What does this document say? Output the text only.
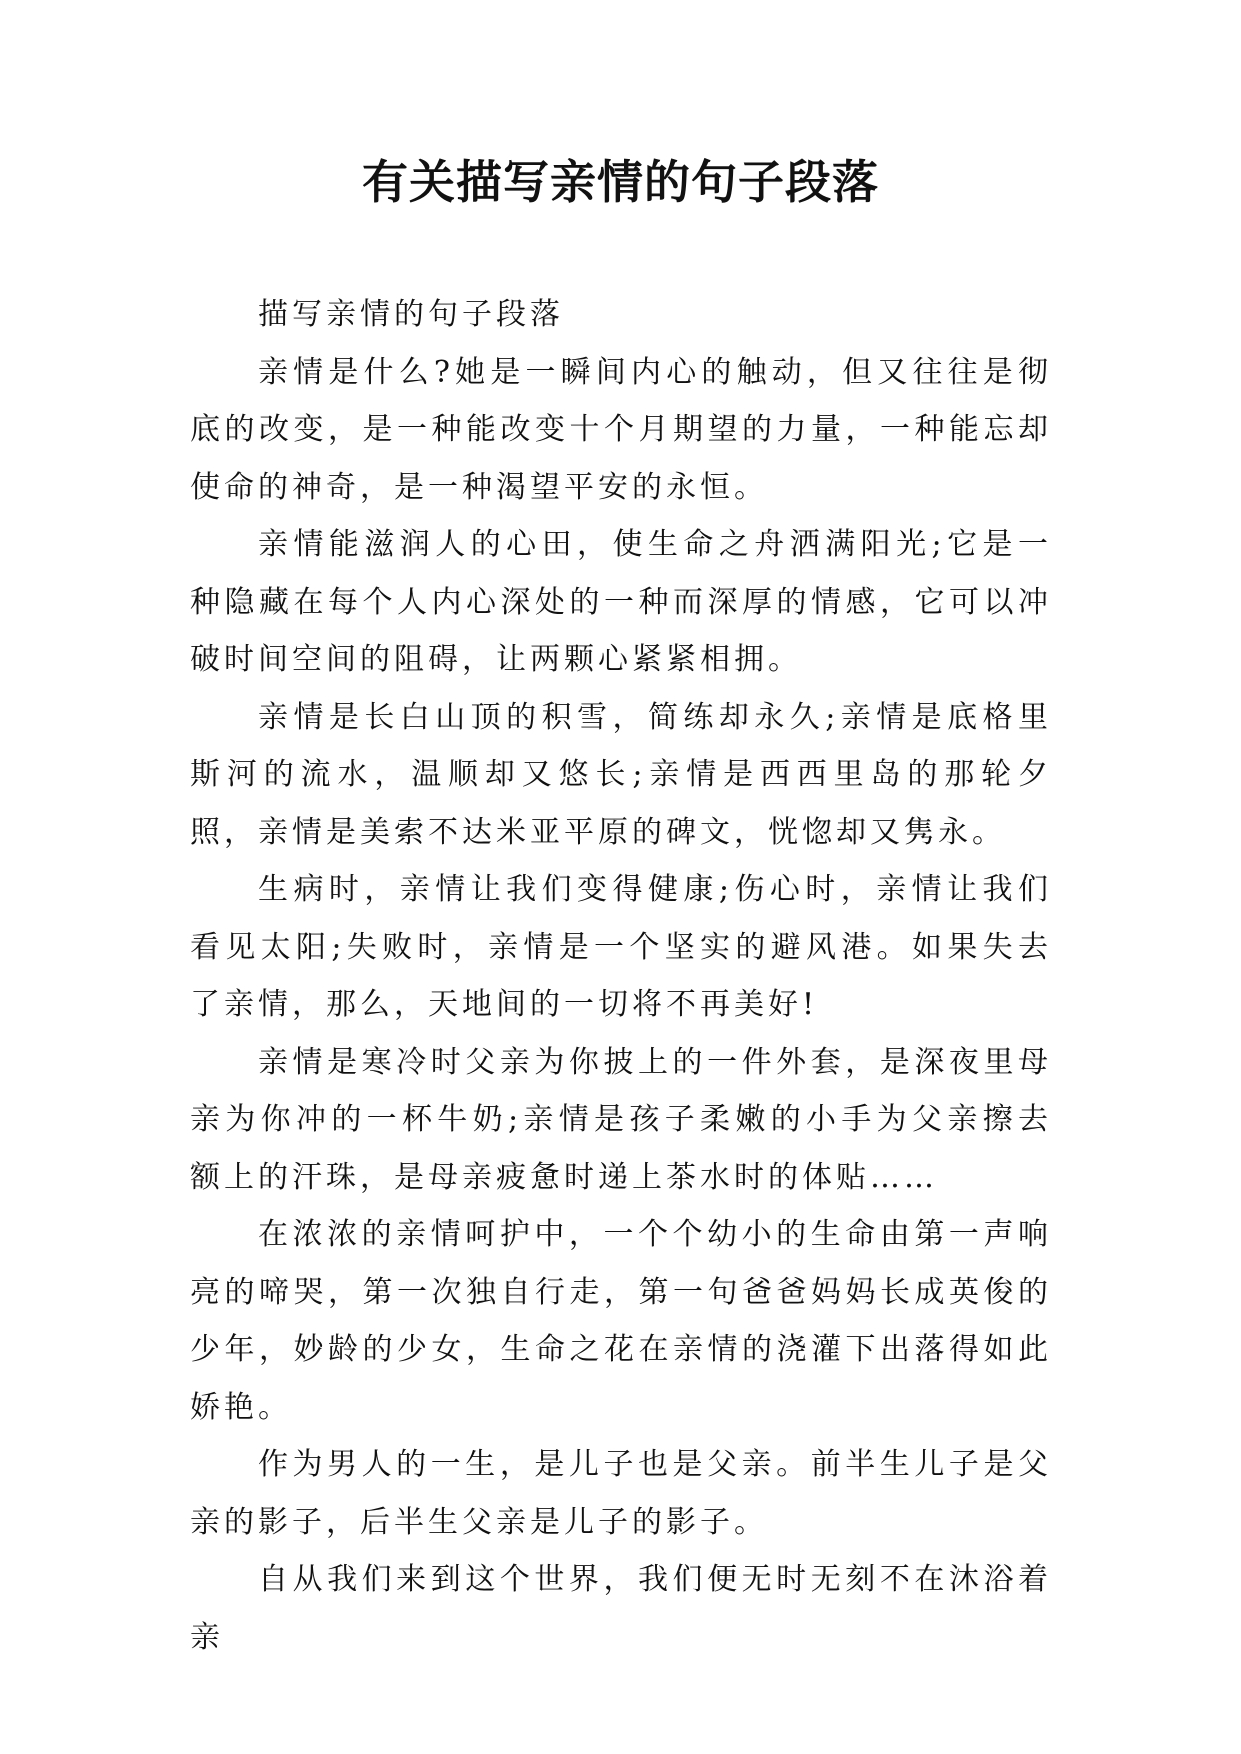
有关描写亲情的句子段落

描写亲情的句子段落

亲情是什么?她是一瞬间内心的触动，但又往往是彻底的改变，是一种能改变十个月期望的力量，一种能忘却使命的神奇，是一种渴望平安的永恒。

亲情能滋润人的心田，使生命之舟洒满阳光;它是一种隐藏在每个人内心深处的一种而深厚的情感，它可以冲破时间空间的阻碍，让两颗心紧紧相拥。

亲情是长白山顶的积雪，简练却永久;亲情是底格里斯河的流水，温顺却又悠长;亲情是西西里岛的那轮夕照，亲情是美索不达米亚平原的碑文，恍惚却又隽永。

生病时，亲情让我们变得健康;伤心时，亲情让我们看见太阳;失败时，亲情是一个坚实的避风港。如果失去了亲情，那么，天地间的一切将不再美好!

亲情是寒冷时父亲为你披上的一件外套，是深夜里母亲为你冲的一杯牛奶;亲情是孩子柔嫩的小手为父亲擦去额上的汗珠，是母亲疲惫时递上茶水时的体贴……

在浓浓的亲情呵护中，一个个幼小的生命由第一声响亮的啼哭，第一次独自行走，第一句爸爸妈妈长成英俊的少年，妙龄的少女，生命之花在亲情的浇灌下出落得如此娇艳。

作为男人的一生，是儿子也是父亲。前半生儿子是父亲的影子，后半生父亲是儿子的影子。

自从我们来到这个世界，我们便无时无刻不在沐浴着亲
